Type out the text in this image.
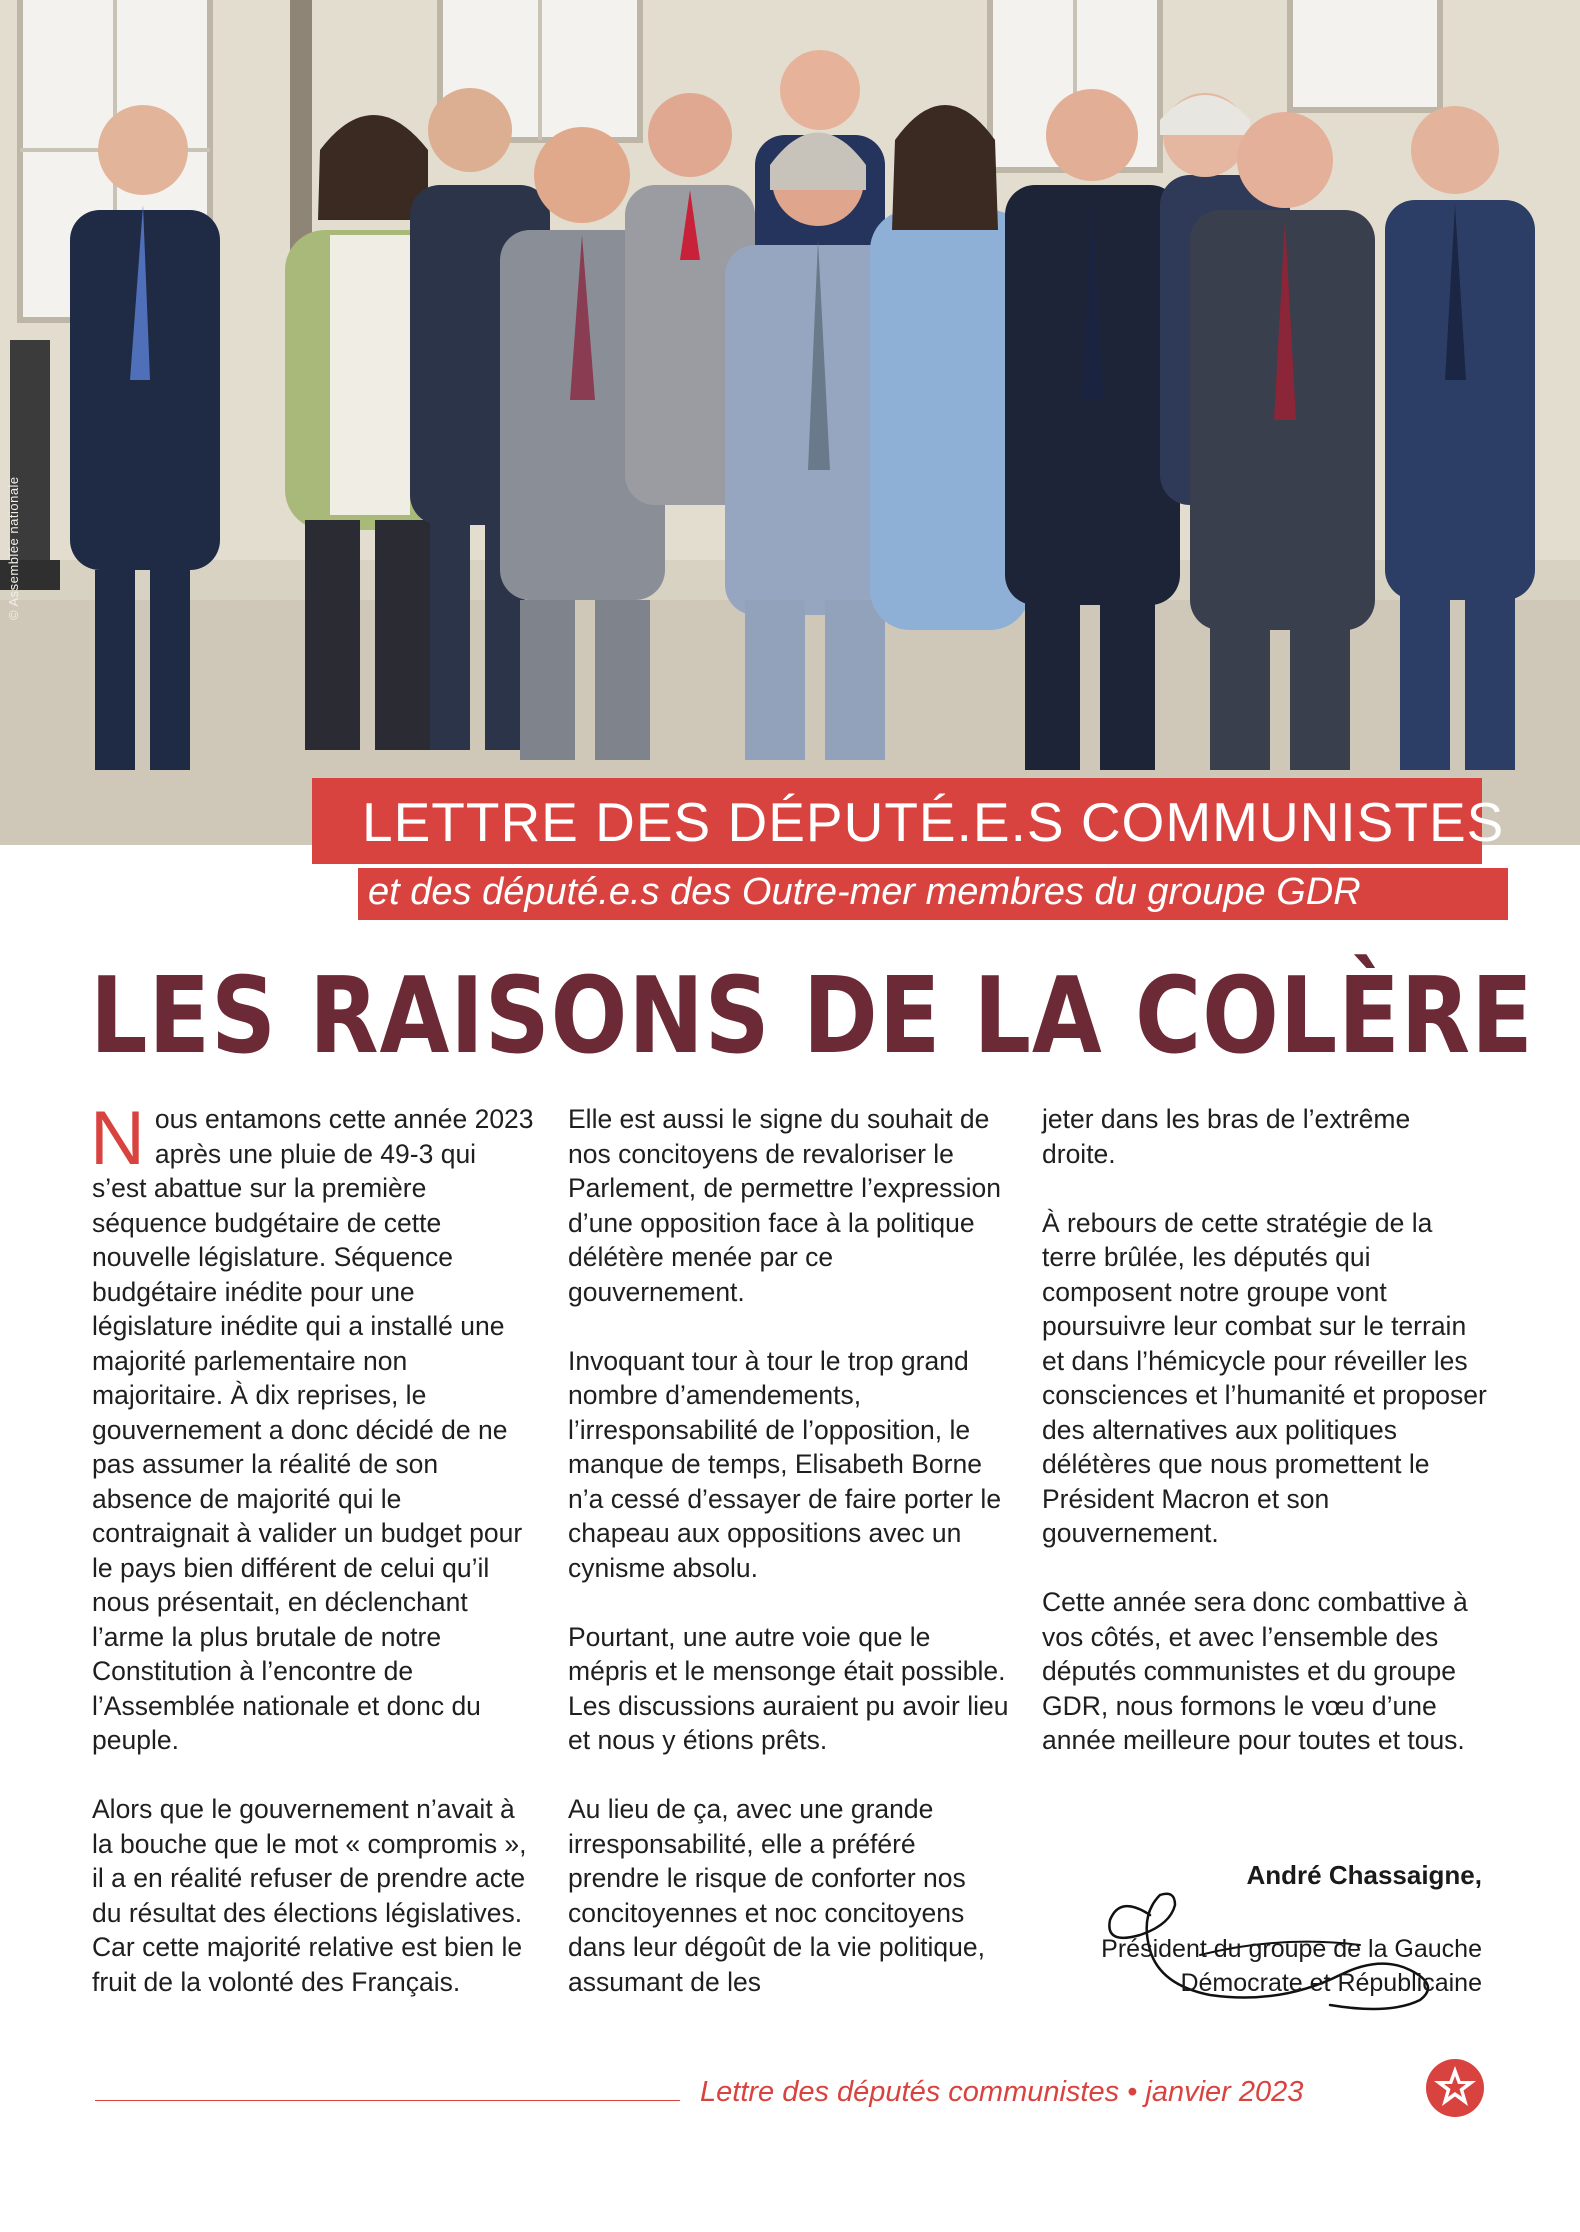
© Assemblée nationale
LETTRE DES DÉPUTÉ.E.S COMMUNISTES
et des député.e.s des Outre-mer membres du groupe GDR
LES RAISONS DE LA COLÈRE

Nous entamons cette année 2023 après une pluie de 49-3 qui s’est abattue sur la première séquence budgétaire de cette nouvelle législature. Séquence budgétaire inédite pour une législature inédite qui a installé une majorité parlementaire non majoritaire. À dix reprises, le gouvernement a donc décidé de ne pas assumer la réalité de son absence de majorité qui le contraignait à valider un budget pour le pays bien différent de celui qu’il nous présentait, en déclenchant l’arme la plus brutale de notre Constitution à l’encontre de l’Assemblée nationale et donc du peuple.

Alors que le gouvernement n’avait à la bouche que le mot « compromis », il a en réalité refuser de prendre acte du résultat des élections législatives. Car cette majorité relative est bien le fruit de la volonté des Français.

Elle est aussi le signe du souhait de nos concitoyens de revaloriser le Parlement, de permettre l’expression d’une opposition face à la politique délétère menée par ce gouvernement.

Invoquant tour à tour le trop grand nombre d’amendements, l’irresponsabilité de l’opposition, le manque de temps, Elisabeth Borne n’a cessé d’essayer de faire porter le chapeau aux oppositions avec un cynisme absolu.

Pourtant, une autre voie que le mépris et le mensonge était possible. Les discussions auraient pu avoir lieu et nous y étions prêts.

Au lieu de ça, avec une grande irresponsabilité, elle a préféré prendre le risque de conforter nos concitoyennes et noc concitoyens dans leur dégoût de la vie politique, assumant de les

jeter dans les bras de l’extrême droite.

À rebours de cette stratégie de la terre brûlée, les députés qui composent notre groupe vont poursuivre leur combat sur le terrain et dans l’hémicycle pour réveiller les consciences et l’humanité et proposer des alternatives aux politiques délétères que nous promettent le Président Macron et son gouvernement.

Cette année sera donc combattive à vos côtés, et avec l’ensemble des députés communistes et du groupe GDR, nous formons le vœu d’une année meilleure pour toutes et tous.

André Chassaigne,
Président du groupe de la Gauche
Démocrate et Républicaine
Lettre des députés communistes • janvier 2023
